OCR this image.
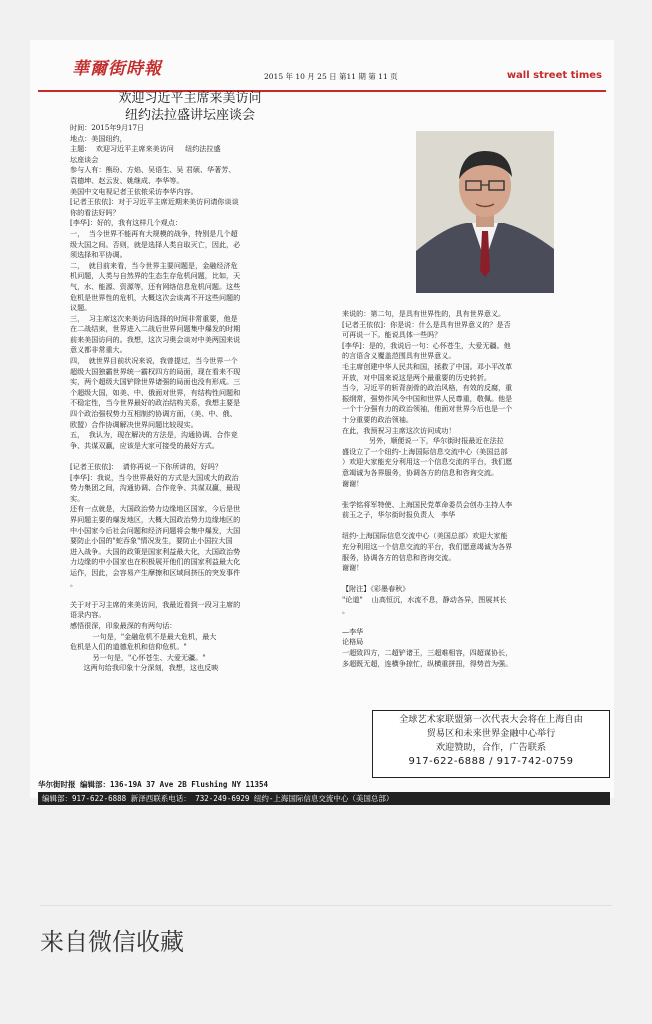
華爾街時報	2015 年 10 月 25 日 第11 期 第 11 页	wall street times
欢迎习近平主席来美访问
纽约法拉盛讲坛座谈会

时间：2015年9月17日

地点：美国纽约，

主题：  欢迎习近平主席来美访问     纽约法拉盛

坛座谈会

参与人有：熊玢、方焰、吴语生、吴 君硕、华著芳、

袁德坤、赵云发、姚继成、李华等。

美国中文电视记者王依侬采访李华内容。

[记者王依依]：对于习近平主席近期来美访问请你谈谈

你的看法好吗？

[李华]：好的，我有这样几个观点：

一，  当今世界不能再有大规模的战争，特别是几个超

级大国之间。否则，就是选择人类自取灭亡，因此，必

须选择和平协调。

二，  就目前来看，当今世界主要问题是，金融经济危

机问题，人类与自然界的生态生存危机问题，比如，天

气，水、能源、资源等，还有网络信息危机问题。这些

危机是世界性的危机，大概这次会谈离不开这些问题的

议题。

三，  习主席这次来美访问选择的时间非常重要，他是

在二战结束，世界进入二战后世界问题集中爆发的时期

前来美国访问的。我想，这次习奥会谈对中美两国来说

意义都非常重大。

四，  就世界目前状况来说，我曾提过，当今世界一个

超级大国独霸世界统一霸权四方的局面，现在看来不现

实，两个超级大国铲除世界诸强的局面也没有形成。三

个超级大国，如美、中、俄面对世界，有结构性问题和

不稳定性，当今世界最好的政治结构关系，我想主要是

四个政治强权势力互相制约协调方面，（美、中、俄、

欧盟）合作协调解决世界问题比较现实。

五，  我认为，现在解决的方法是，沟通协调、合作竞

争、共谋双赢，应该是大家可接受的最好方式。

[记者王依依]：  请你再说一下你所讲的，好吗？

[李华]：我说，当今世界最好的方式是大国或大的政治

势力集团之间，沟通协调、合作竞争、共谋双赢，最现

实。

还有一点就是，大国政治势力边缘地区国家，今后是世

界问题主要的爆发地区，大概大国政治势力边缘地区的

中小国家今后社会问题和经济问题将会集中爆发，大国

要防止小国的"蛇吞象"情况发生，要防止小国拉大国

进入战争。大国的政策是国家利益最大化，大国政治势

力边缘的中小国家也在积极展开他们的国家利益最大化

运作，因此，会容易产生摩擦和区域间挤压的突发事件

。

关于对于习主席的来美访问，我最近看到一段习主席的

语录内容。

感悟很深，印象最深的有两句话：

一句是，"金融危机不是最大危机，最大

危机是人们的道德危机和信仰危机。"

另一句是，"心怀苍生、大爱无疆。"

这两句给我印象十分深刻，我想，这也反映

来说的：第二句，是具有世界性的，具有世界意义。

[记者王依依]：你是说：什么是具有世界意义的？是否

可再说一下。能说具体一些吗？

[李华]：是的，我说后一句：心怀苍生，大爱无疆。他

的言语含义覆盖范围具有世界意义。

毛主席创建中华人民共和国，拯救了中国。邓小平改革

开放，对中国来说这是两个最重要的历史转折。

当今，习近平的斩背剖骨的政治风格，有效的反腐，重

振纲常，强势作风令中国和世界人民尊重，敬佩。他是

一个十分强有力的政治领袖，他面对世界今后也是一个

十分重要的政治领袖。

在此，我预祝习主席这次访问成功！

另外，顺便说一下，华尔街时报最近在法拉

盛设立了一个纽约-上海国际信息交流中心（美国总部

）欢迎大家能充分利用这一个信息交流的平台，我们愿

意竭诚为各界服务，协调各方的信息和咨询交流。

谢谢！

张学铭将军特使、上海国民党革命委员会创办主持人李

前玉之子，华尔街时报负责人   李华

纽约-上海国际信息交流中心（美国总部）欢迎大家能

充分利用这一个信息交流的平台，我们愿意竭诚为各界

服务，协调各方的信息和咨询交流。

谢谢！

【附注】《彩墨春秋》

"论道"    山高恒沉，水流不息，静动各异，图展其长

。

—李华

论格局

一超致四方，二超铲诸王，三超难相容，四超谋协长，

多超既无超，连横争掠忙，纵横重拼扭，得势首为强。

全球艺术家联盟第一次代表大会将在上海自由
贸易区和未来世界金融中心举行
欢迎赞助，合作，广告联系
917-622-6888 / 917-742-0759
华尔街时报 编辑部：136-19A 37 Ave 2B Flushing NY 11354
编辑部：917-622-6888 新泽西联系电话： 732-249-6929 纽约-上海国际信息交流中心（美国总部）
来自微信收藏
